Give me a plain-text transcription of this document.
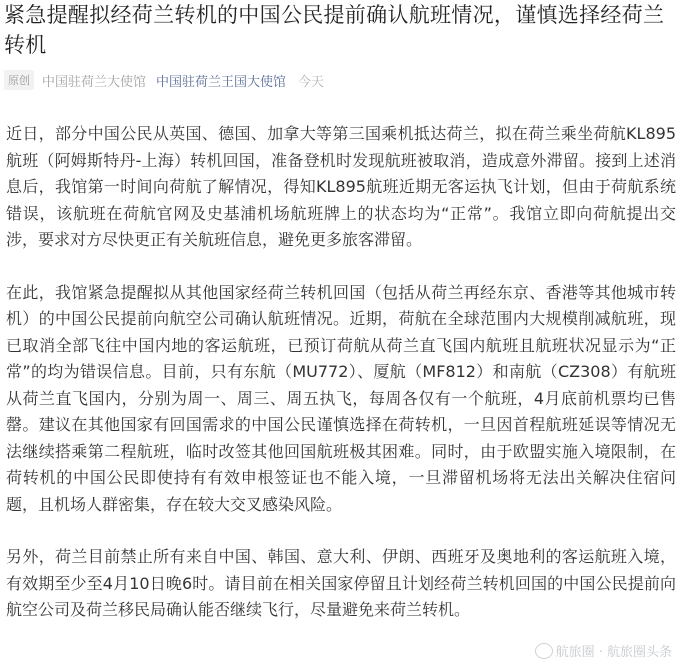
紧急提醒拟经荷兰转机的中国公民提前确认航班情况，谨慎选择经荷兰转机
原创 中国驻荷兰大使馆 中国驻荷兰王国大使馆 今天

近日，部分中国公民从英国、德国、加拿大等第三国乘机抵达荷兰，拟在荷兰乘坐荷航KL895航班（阿姆斯特丹-上海）转机回国，准备登机时发现航班被取消，造成意外滞留。接到上述消息后，我馆第一时间向荷航了解情况，得知KL895航班近期无客运执飞计划，但由于荷航系统错误，该航班在荷航官网及史基浦机场航班牌上的状态均为“正常”。我馆立即向荷航提出交涉，要求对方尽快更正有关航班信息，避免更多旅客滞留。

在此，我馆紧急提醒拟从其他国家经荷兰转机回国（包括从荷兰再经东京、香港等其他城市转机）的中国公民提前向航空公司确认航班情况。近期，荷航在全球范围内大规模削减航班，现已取消全部飞往中国内地的客运航班，已预订荷航从荷兰直飞国内航班且航班状况显示为“正常”的均为错误信息。目前，只有东航（MU772）、厦航（MF812）和南航（CZ308）有航班从荷兰直飞国内，分别为周一、周三、周五执飞，每周各仅有一个航班，4月底前机票均已售罄。建议在其他国家有回国需求的中国公民谨慎选择在荷转机，一旦因首程航班延误等情况无法继续搭乘第二程航班，临时改签其他回国航班极其困难。同时，由于欧盟实施入境限制，在荷转机的中国公民即使持有有效申根签证也不能入境，一旦滞留机场将无法出关解决住宿问题，且机场人群密集，存在较大交叉感染风险。

另外，荷兰目前禁止所有来自中国、韩国、意大利、伊朗、西班牙及奥地利的客运航班入境，有效期至少至4月10日晚6时。请目前在相关国家停留且计划经荷兰转机回国的中国公民提前向航空公司及荷兰移民局确认能否继续飞行，尽量避免来荷兰转机。

航旅圈 · 航旅圈头条
